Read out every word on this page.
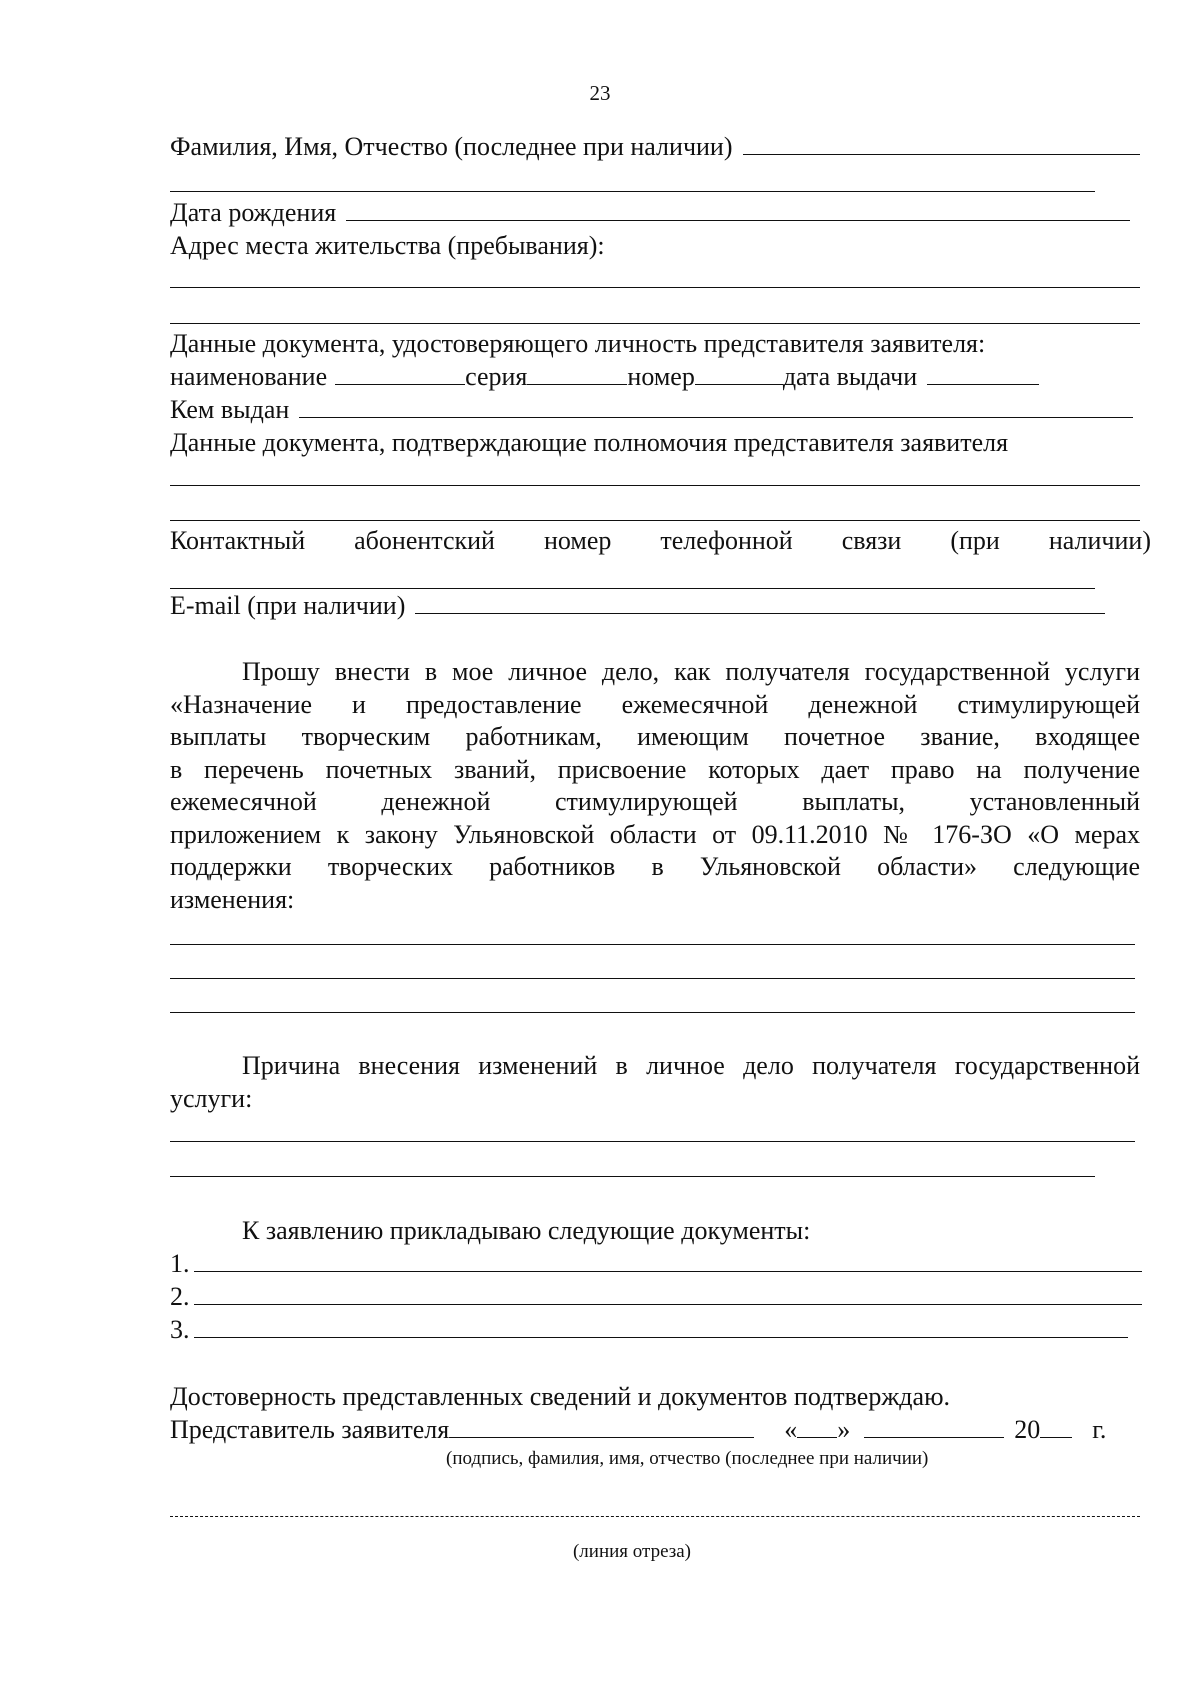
23
Фамилия, Имя, Отчество (последнее при наличии)
Дата рождения
Адрес места жительства (пребывания):
Данные документа, удостоверяющего личность представителя заявителя:
наименование	серия	номер	дата выдачи
Кем выдан
Данные документа, подтверждающие полномочия представителя заявителя
Контактный абонентский номер телефонной связи (при наличии)
E-mail (при наличии)
Прошу внести в мое личное дело, как получателя государственной услуги
«Назначение и предоставление ежемесячной денежной стимулирующей
выплаты творческим работникам, имеющим почетное звание, входящее
в перечень почетных званий, присвоение которых дает право на получение
ежемесячной денежной стимулирующей выплаты, установленный
приложением к закону Ульяновской области от 09.11.2010 № 176-ЗО «О мерах
поддержки творческих работников в Ульяновской области» следующие
изменения:
Причина внесения изменений в личное дело получателя государственной
услуги:
К заявлению прикладываю следующие документы:
1.
2.
3.
Достоверность представленных сведений и документов подтверждаю.
Представитель заявителя	« »	20 г.
(подпись, фамилия, имя, отчество (последнее при наличии)
(линия отреза)
